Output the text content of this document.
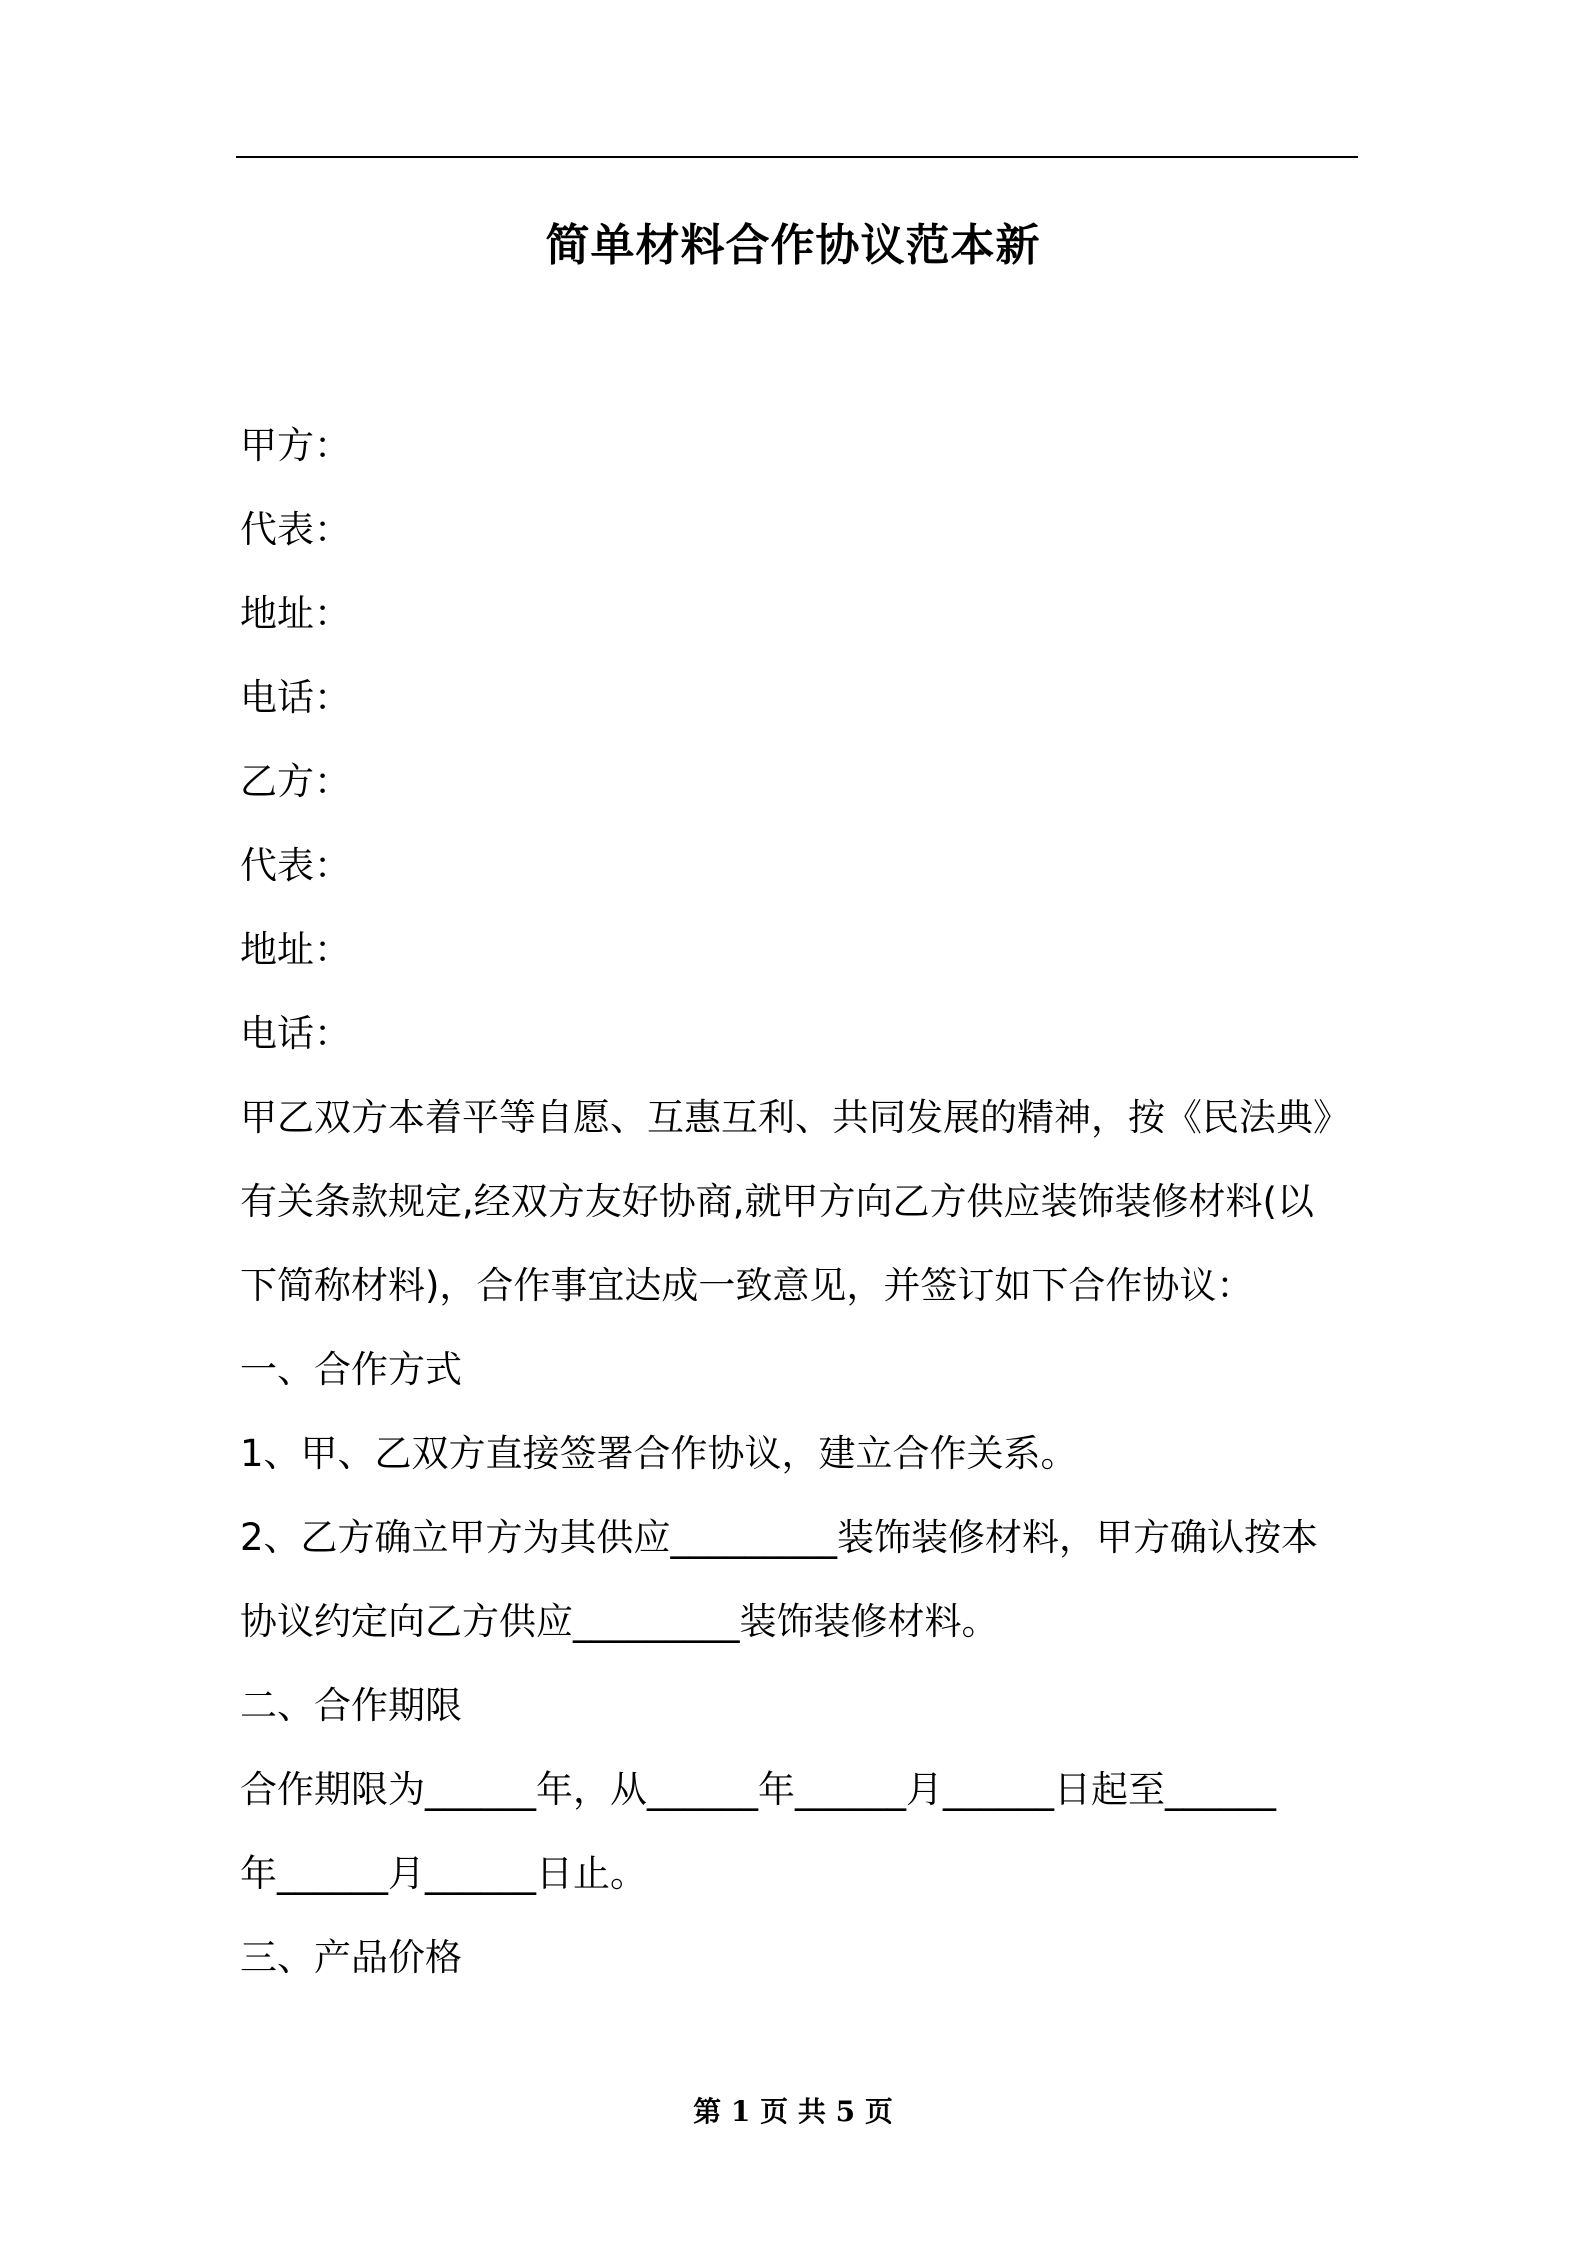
简单材料合作协议范本新
甲方：
代表：
地址：
电话：
乙方：
代表：
地址：
电话：
甲乙双方本着平等自愿、互惠互利、共同发展的精神，按《民法典》
有关条款规定,经双方友好协商,就甲方向乙方供应装饰装修材料(以
下简称材料)，合作事宜达成一致意见，并签订如下合作协议：
一、合作方式
1、甲、乙双方直接签署合作协议，建立合作关系。
2、乙方确立甲方为其供应_________装饰装修材料，甲方确认按本
协议约定向乙方供应_________装饰装修材料。
二、合作期限
合作期限为______年，从______年______月______日起至______
年______月______日止。
三、产品价格
第 1 页 共 5 页
